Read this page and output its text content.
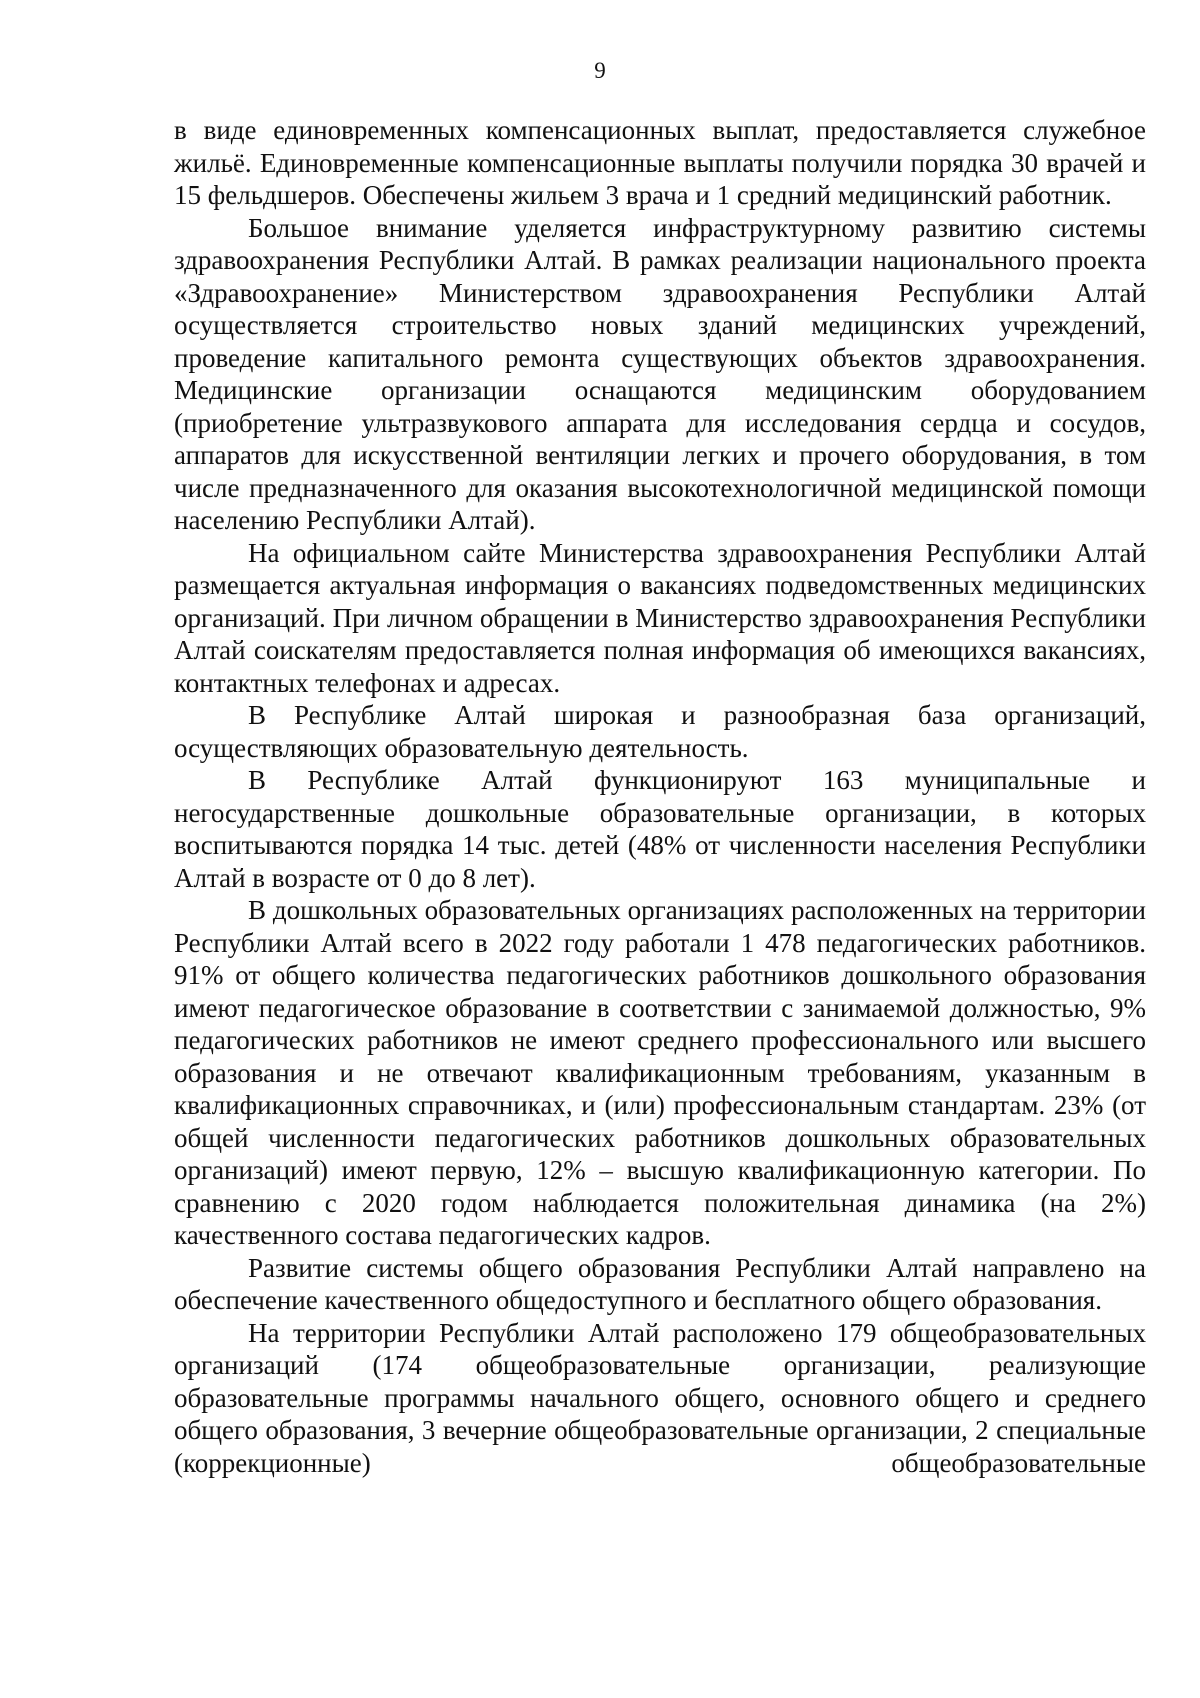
9

в виде единовременных компенсационных выплат, предоставляется служебное жильё. Единовременные компенсационные выплаты получили порядка 30 врачей и 15 фельдшеров. Обеспечены жильем 3 врача и 1 средний медицинский работник.

Большое внимание уделяется инфраструктурному развитию системы здравоохранения Республики Алтай. В рамках реализации национального проекта «Здравоохранение» Министерством здравоохранения Республики Алтай осуществляется строительство новых зданий медицинских учреждений, проведение капитального ремонта существующих объектов здравоохранения. Медицинские организации оснащаются медицинским оборудованием (приобретение ультразвукового аппарата для исследования сердца и сосудов, аппаратов для искусственной вентиляции легких и прочего оборудования, в том числе предназначенного для оказания высокотехнологичной медицинской помощи населению Республики Алтай).

На официальном сайте Министерства здравоохранения Республики Алтай размещается актуальная информация о вакансиях подведомственных медицинских организаций. При личном обращении в Министерство здравоохранения Республики Алтай соискателям предоставляется полная информация об имеющихся вакансиях, контактных телефонах и адресах.

В Республике Алтай широкая и разнообразная база организаций, осуществляющих образовательную деятельность.

В Республике Алтай функционируют 163 муниципальные и негосударственные дошкольные образовательные организации, в которых воспитываются порядка 14 тыс. детей (48% от численности населения Республики Алтай в возрасте от 0 до 8 лет).

В дошкольных образовательных организациях расположенных на территории Республики Алтай всего в 2022 году работали 1 478 педагогических работников. 91% от общего количества педагогических работников дошкольного образования имеют педагогическое образование в соответствии с занимаемой должностью, 9% педагогических работников не имеют среднего профессионального или высшего образования и не отвечают квалификационным требованиям, указанным в квалификационных справочниках, и (или) профессиональным стандартам. 23% (от общей численности педагогических работников дошкольных образовательных организаций) имеют первую, 12% – высшую квалификационную категории. По сравнению с 2020 годом наблюдается положительная динамика (на 2%) качественного состава педагогических кадров.

Развитие системы общего образования Республики Алтай направлено на обеспечение качественного общедоступного и бесплатного общего образования.

На территории Республики Алтай расположено 179 общеобразовательных организаций (174 общеобразовательные организации, реализующие образовательные программы начального общего, основного общего и среднего общего образования, 3 вечерние общеобразовательные организации, 2 специальные (коррекционные) общеобразовательные
